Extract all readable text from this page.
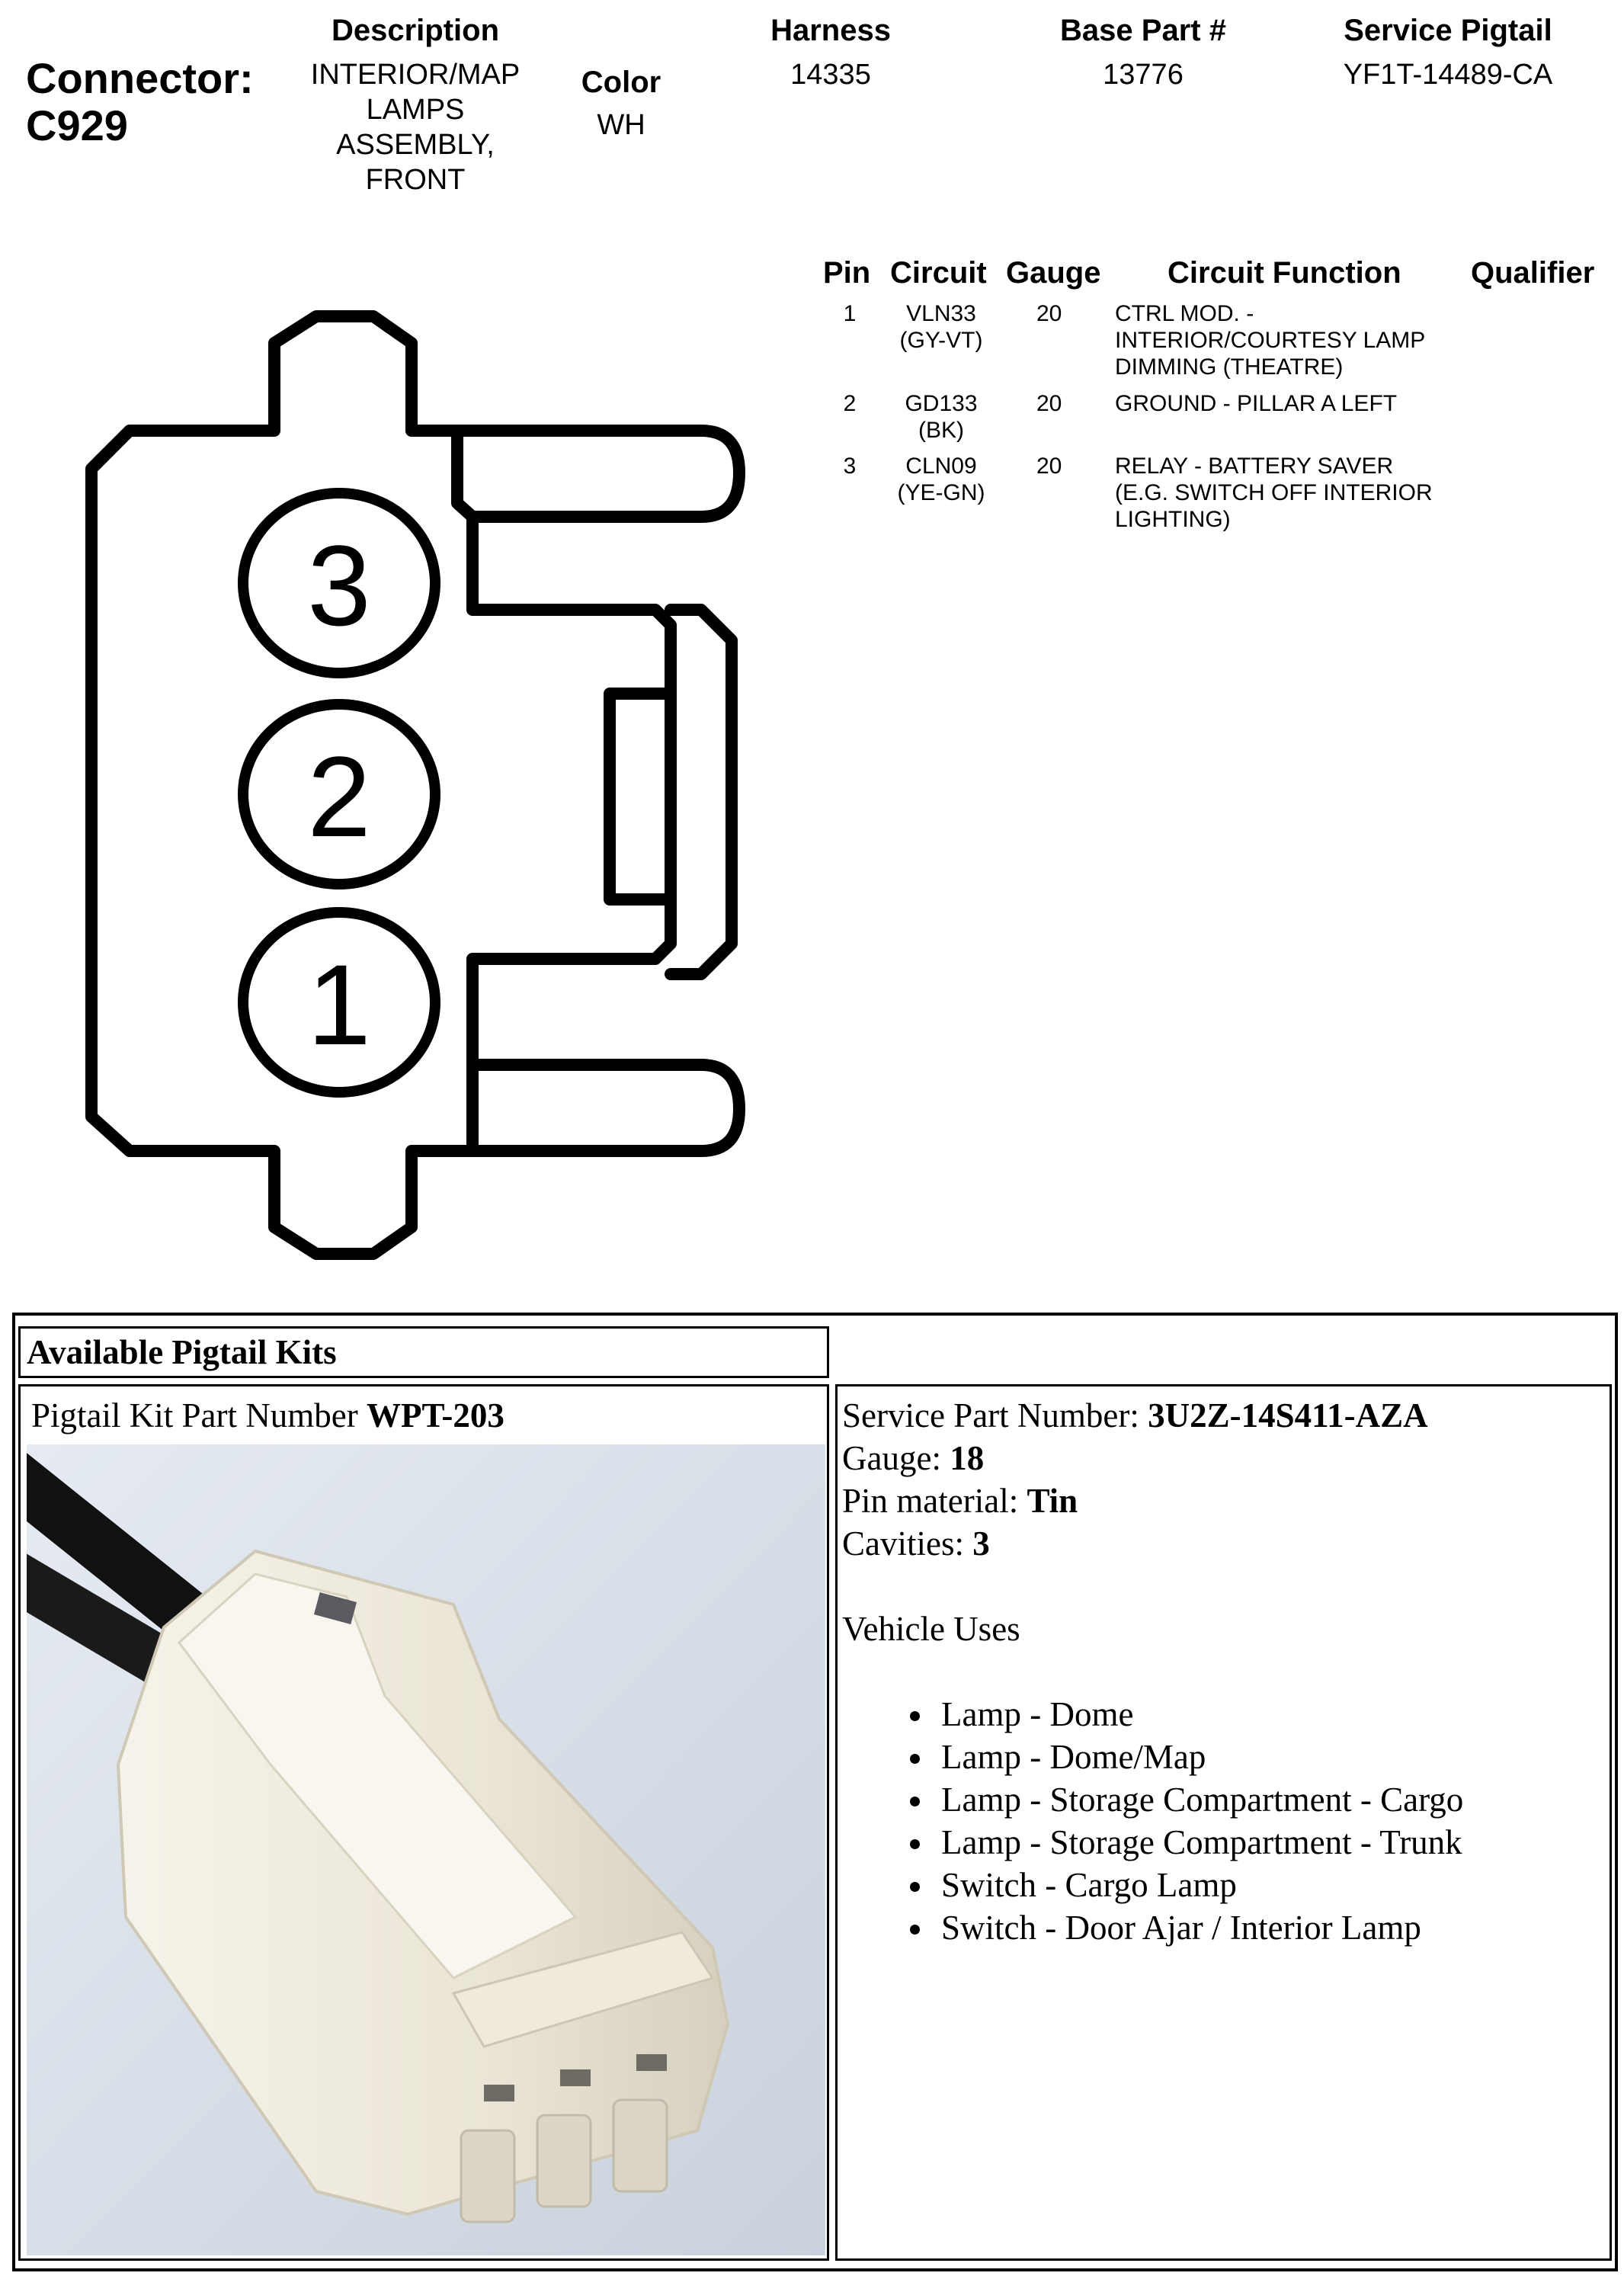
Connector:
C929
Description
INTERIOR/MAP
LAMPS
ASSEMBLY,
FRONT
Color
WH
Harness
14335
Base Part #
13776
Service Pigtail
YF1T-14489-CA
Pin Circuit Gauge Circuit Function Qualifier
1	VLN33
(GY-VT)
20 CTRL MOD. -
INTERIOR/COURTESY LAMP
DIMMING (THEATRE)
2	GD133
(BK)
20 GROUND - PILLAR A LEFT
3	CLN09
(YE-GN)
20 RELAY - BATTERY SAVER
(E.G. SWITCH OFF INTERIOR
LIGHTING)
3
2
1
Available Pigtail Kits
Pigtail Kit Part Number WPT-203	Service Part Number: 3U2Z-14S411-AZA
Gauge: 18
Pin material: Tin
Cavities: 3
Vehicle Uses
• Lamp - Dome
• Lamp - Dome/Map
• Lamp - Storage Compartment - Cargo
• Lamp - Storage Compartment - Trunk
• Switch - Cargo Lamp
• Switch - Door Ajar / Interior Lamp
